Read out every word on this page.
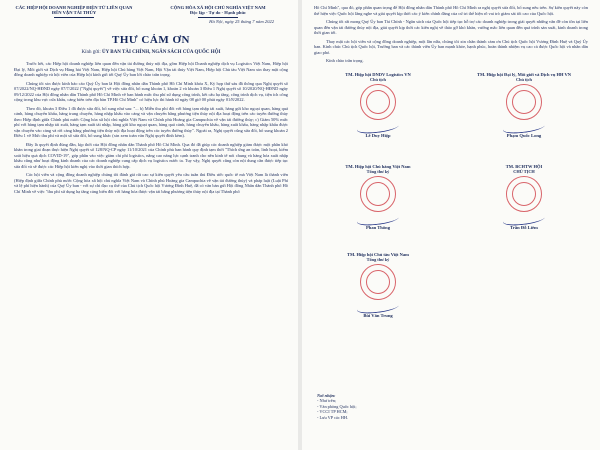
CÁC HIỆP HỘI DOANH NGHIỆP ĐIỆN TỬ LIÊN QUAN ĐẾN VẬN TẢI THỦY
CỘNG HÒA XÃ HỘI CHỦ NGHĨA VIỆT NAM
Độc lập - Tự do - Hạnh phúc
Hà Nội, ngày 25 tháng 7 năm 2022
THƯ CẢM ƠN
Kính gửi: ỦY BAN TÀI CHÍNH, NGÂN SÁCH CỦA QUỐC HỘI

Trước hết, các Hiệp hội doanh nghiệp liên quan đến vận tải đường thủy nội địa, gồm Hiệp hội Doanh nghiệp dịch vụ Logistics Việt Nam, Hiệp hội Đại lý, Môi giới và Dịch vụ Hàng hải Việt Nam, Hiệp hội Chủ hàng Việt Nam, Hội Vận tải thủy Việt Nam, Hiệp hội Chủ tàu Việt Nam xin thay mặt cộng đồng doanh nghiệp và hội viên của Hiệp hội kính gửi tới Quý Ủy ban lời chào trân trọng.

Chúng tôi xin được kính báo cáo Quý Ủy ban là Hội đồng nhân dân Thành phố Hồ Chí Minh khóa X, Kỳ họp thứ sáu đã thông qua Nghị quyết số 07/2022/NQ-HĐND ngày 07/7/2022 ("Nghị quyết") về việc sửa đổi, bổ sung khoản 1, khoản 2 và khoản 3 Điều 1 Nghị quyết số 10/2020/NQ-HĐND ngày 09/12/2022 của Hội đồng nhân dân Thành phố Hồ Chí Minh về ban hành mức thu phí sử dụng công trình, kết cấu hạ tầng, công trình dịch vụ, tiện ích công cộng trong khu vực cửa khẩu, cảng biển trên địa bàn TP.Hồ Chí Minh" có hiệu lực thi hành từ ngày 08 giờ 00 phút ngày 01/8/2022.

Theo đó, khoản 3 Điều 1 đã được sửa đổi, bổ sung như sau: "... b) Miễn thu phí đối với hàng tạm nhập tái xuất, hàng gửi kho ngoại quan, hàng quá cảnh, hàng chuyển khẩu, hàng trung chuyển, hàng nhập khẩu vào cảng và vận chuyển bằng phương tiện thủy nội địa hoạt động trên các tuyến đường thủy theo Hiệp định giữa Chính phủ nước Cộng hòa xã hội chủ nghĩa Việt Nam và Chính phủ Hoàng gia Campuchia về vận tải đường thủy; c) Giảm 50% mức phí với hàng tạm nhập tái xuất, hàng tạm xuất tái nhập, hàng gửi kho ngoại quan, hàng quá cảnh, hàng chuyển khẩu, hàng xuất khẩu, hàng nhập khẩu được vận chuyển vào cảng và rời cảng bằng phương tiện thủy nội địa hoạt động trên các tuyến đường thủy". Ngoài ra, Nghị quyết cũng sửa đổi, bổ sung khoản 2 Điều 1 về Mức thu phí và một số sửa đổi, bổ sung khác (xin xem toàn văn Nghị quyết đính kèm).

Đây là quyết định đúng đắn, kịp thời của Hội đồng nhân dân Thành phố Hồ Chí Minh. Qua đó đã giúp các doanh nghiệp giảm được một phần khó khăn trong giai đoạn thực hiện Nghị quyết số 128/NQ-CP ngày 11/10/2021 của Chính phủ ban hành quy định tạm thời "Thích ứng an toàn, linh hoạt, kiểm soát hiệu quả dịch COVID-19", góp phần vào việc giảm chi phí logistics, nâng cao năng lực cạnh tranh cho nền kinh tế nói chung và hàng hóa xuất nhập khẩu cũng như hoạt động kinh doanh của các doanh nghiệp cung cấp dịch vụ logistics nước ta. Tuy vậy, Nghị quyết cũng còn nội dung cần được tiếp tục sửa đổi và sẽ được các Hiệp hội kiến nghị vào thời gian thích hợp.

Các hội viên và cộng đồng doanh nghiệp chúng tôi đánh giá rất cao sự kiến quyết yêu cầu tuân thủ Điều ước quốc tế mà Việt Nam là thành viên (Hiệp định giữa Chính phủ nước Cộng hòa xã hội chủ nghĩa Việt Nam và Chính phủ Hoàng gia Campuchia về vận tải đường thủy) và pháp luật (Luật Phí và lệ phí hiện hành) của Quý Ủy ban - với sự chỉ đạo cụ thể của Chủ tịch Quốc hội Vương Đình Huệ, đã có văn bản gửi Hội đồng Nhân dân Thành phố Hồ Chí Minh về việc "thu phí sử dụng hạ tầng cảng biển đối với hàng hóa được vận tải bằng phương tiện thủy nội địa tại Thành phố

Hồ Chí Minh", qua đó, góp phần quan trọng để Hội đồng nhân dân Thành phố Hồ Chí Minh ra nghị quyết sửa đổi, bổ sung nêu trên. Sự kiên quyết này còn thể hiện việc Quốc hội lắng nghe và giải quyết kịp thời các ý kiến chính đáng của cử tri thể hiện rõ vai trò giám sát tối cao của Quốc hội.

Chúng tôi rất mong Quý Ủy ban Tài Chính - Ngân sách của Quốc hội tiếp tục hỗ trợ các doanh nghiệp trong giải quyết những vấn đề còn tồn tại liên quan đến vận tải đường thủy nội địa, giải quyết kịp thời các kiến nghị về tháo gỡ khó khăn, vướng mắc liên quan đến quá trình sản xuất, kinh doanh trong thời gian tới.

Thay mặt các hội viên và cộng đồng doanh nghiệp, một lần nữa, chúng tôi xin chân thành cảm ơn Chủ tịch Quốc hội Vương Đình Huệ và Quý Ủy ban. Kính chúc Chủ tịch Quốc hội, Trưởng ban và các thành viên Ủy ban mạnh khỏe, hạnh phúc, hoàn thành nhiệm vụ cao cả được Quốc hội và nhân dân giao phó.

Kính chào trân trọng.

TM. Hiệp hội DNDV Logistics VN
Chủ tịch
Lê Duy Hiệp
TM. Hiệp hội Đại lý, Môi giới và Dịch vụ HH VN
Chủ tịch
Phạm Quốc Long
TM. Hiệp hội Chủ hàng Việt Nam
Tổng thư ký
Phan Thông
TM. BCHTW HỘI
CHỦ TỊCH
Trần Đỗ Liêm
TM. Hiệp hội Chủ tàu Việt Nam
Tổng thư ký
Bùi Văn Trung
Nơi nhận:
- Như trên;
- Văn phòng Quốc hội;
- VCCI TP HCM;
- Lưu VP các HH.
